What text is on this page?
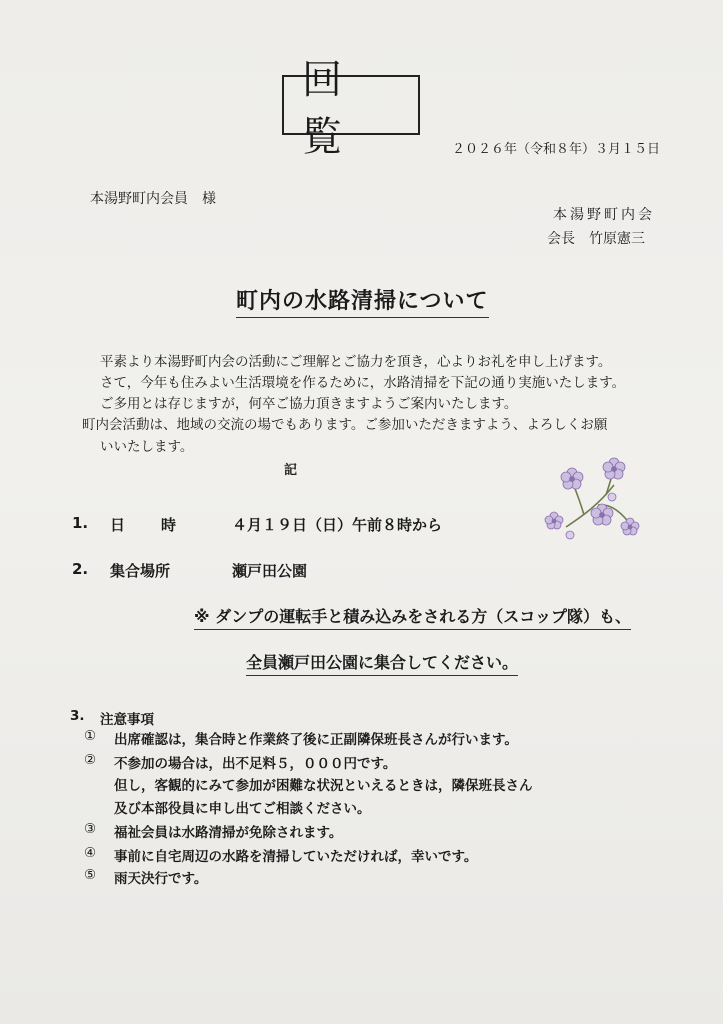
回覧	２０２６年（令和８年）３月１５日
本湯野町内会員　様
本湯野町内会
会長　竹原憲三
町内の水路清掃について
平素より本湯野町内会の活動にご理解とご協力を頂き，心よりお礼を申し上げます。
さて，今年も住みよい生活環境を作るために，水路清掃を下記の通り実施いたします。
ご多用とは存じますが，何卒ご協力頂きますようご案内いたします。
町内会活動は、地域の交流の場でもあります。ご参加いただきますよう、よろしくお願
いいたします。
記
1. 日　　時	４月１９日（日）午前８時から
2. 集合場所	瀬戸田公園
※ ダンプの運転手と積み込みをされる方（スコップ隊）も、
全員瀬戸田公園に集合してください。
3. 注意事項
① 出席確認は，集合時と作業終了後に正副隣保班長さんが行います。
② 不参加の場合は，出不足料５，０００円です。
但し，客観的にみて参加が困難な状況といえるときは，隣保班長さん
及び本部役員に申し出てご相談ください。
③ 福祉会員は水路清掃が免除されます。
④ 事前に自宅周辺の水路を清掃していただければ，幸いです。
⑤ 雨天決行です。
